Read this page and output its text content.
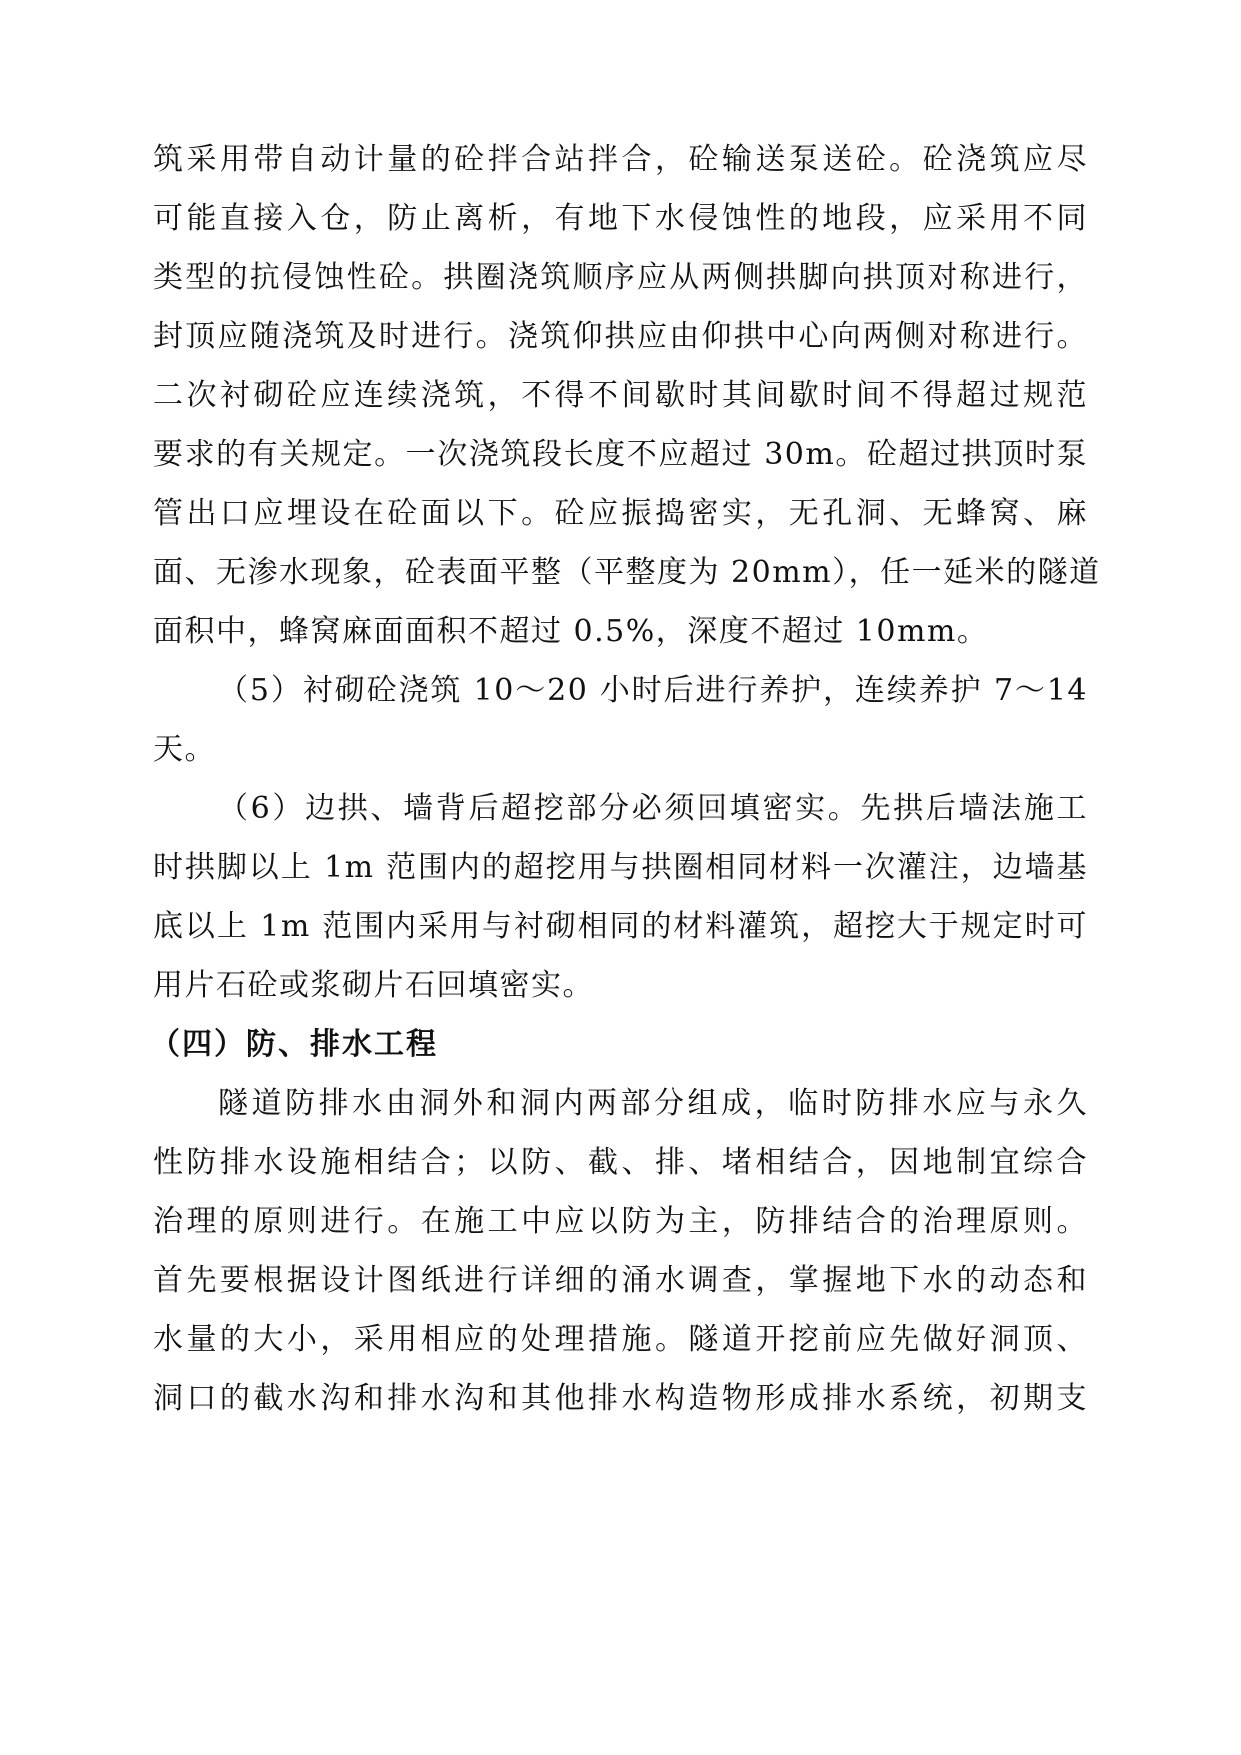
筑采用带自动计量的砼拌合站拌合，砼输送泵送砼。砼浇筑应尽
可能直接入仓，防止离析，有地下水侵蚀性的地段，应采用不同
类型的抗侵蚀性砼。拱圈浇筑顺序应从两侧拱脚向拱顶对称进行，
封顶应随浇筑及时进行。浇筑仰拱应由仰拱中心向两侧对称进行。
二次衬砌砼应连续浇筑，不得不间歇时其间歇时间不得超过规范
要求的有关规定。一次浇筑段长度不应超过 30m。砼超过拱顶时泵
管出口应埋设在砼面以下。砼应振捣密实，无孔洞、无蜂窝、麻
面、无渗水现象，砼表面平整（平整度为 20mm），任一延米的隧道
面积中，蜂窝麻面面积不超过 0.5%，深度不超过 10mm。
（5）衬砌砼浇筑 10～20 小时后进行养护，连续养护 7～14
天。
（6）边拱、墙背后超挖部分必须回填密实。先拱后墙法施工
时拱脚以上 1m 范围内的超挖用与拱圈相同材料一次灌注，边墙基
底以上 1m 范围内采用与衬砌相同的材料灌筑，超挖大于规定时可
用片石砼或浆砌片石回填密实。
（四）防、排水工程
隧道防排水由洞外和洞内两部分组成，临时防排水应与永久
性防排水设施相结合；以防、截、排、堵相结合，因地制宜综合
治理的原则进行。在施工中应以防为主，防排结合的治理原则。
首先要根据设计图纸进行详细的涌水调查，掌握地下水的动态和
水量的大小，采用相应的处理措施。隧道开挖前应先做好洞顶、
洞口的截水沟和排水沟和其他排水构造物形成排水系统，初期支
